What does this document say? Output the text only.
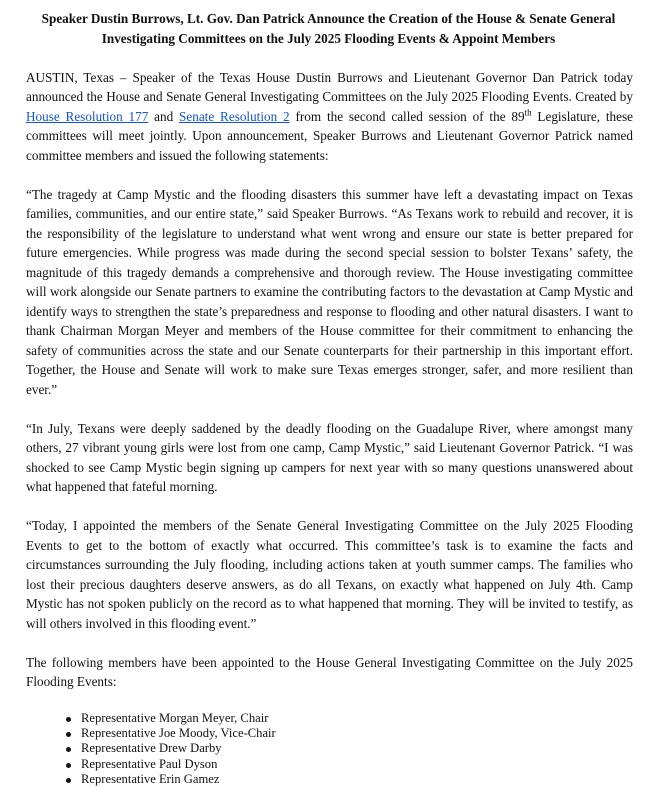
Speaker Dustin Burrows, Lt. Gov. Dan Patrick Announce the Creation of the House & Senate General Investigating Committees on the July 2025 Flooding Events & Appoint Members

AUSTIN, Texas – Speaker of the Texas House Dustin Burrows and Lieutenant Governor Dan Patrick today announced the House and Senate General Investigating Committees on the July 2025 Flooding Events. Created by House Resolution 177 and Senate Resolution 2 from the second called session of the 89th Legislature, these committees will meet jointly. Upon announcement, Speaker Burrows and Lieutenant Governor Patrick named committee members and issued the following statements:

“The tragedy at Camp Mystic and the flooding disasters this summer have left a devastating impact on Texas families, communities, and our entire state,” said Speaker Burrows. “As Texans work to rebuild and recover, it is the responsibility of the legislature to understand what went wrong and ensure our state is better prepared for future emergencies. While progress was made during the second special session to bolster Texans’ safety, the magnitude of this tragedy demands a comprehensive and thorough review. The House investigating committee will work alongside our Senate partners to examine the contributing factors to the devastation at Camp Mystic and identify ways to strengthen the state’s preparedness and response to flooding and other natural disasters. I want to thank Chairman Morgan Meyer and members of the House committee for their commitment to enhancing the safety of communities across the state and our Senate counterparts for their partnership in this important effort. Together, the House and Senate will work to make sure Texas emerges stronger, safer, and more resilient than ever.”

“In July, Texans were deeply saddened by the deadly flooding on the Guadalupe River, where amongst many others, 27 vibrant young girls were lost from one camp, Camp Mystic,” said Lieutenant Governor Patrick. “I was shocked to see Camp Mystic begin signing up campers for next year with so many questions unanswered about what happened that fateful morning.

“Today, I appointed the members of the Senate General Investigating Committee on the July 2025 Flooding Events to get to the bottom of exactly what occurred. This committee’s task is to examine the facts and circumstances surrounding the July flooding, including actions taken at youth summer camps. The families who lost their precious daughters deserve answers, as do all Texans, on exactly what happened on July 4th. Camp Mystic has not spoken publicly on the record as to what happened that morning. They will be invited to testify, as will others involved in this flooding event.”

The following members have been appointed to the House General Investigating Committee on the July 2025 Flooding Events:

Representative Morgan Meyer, Chair
Representative Joe Moody, Vice-Chair
Representative Drew Darby
Representative Paul Dyson
Representative Erin Gamez
